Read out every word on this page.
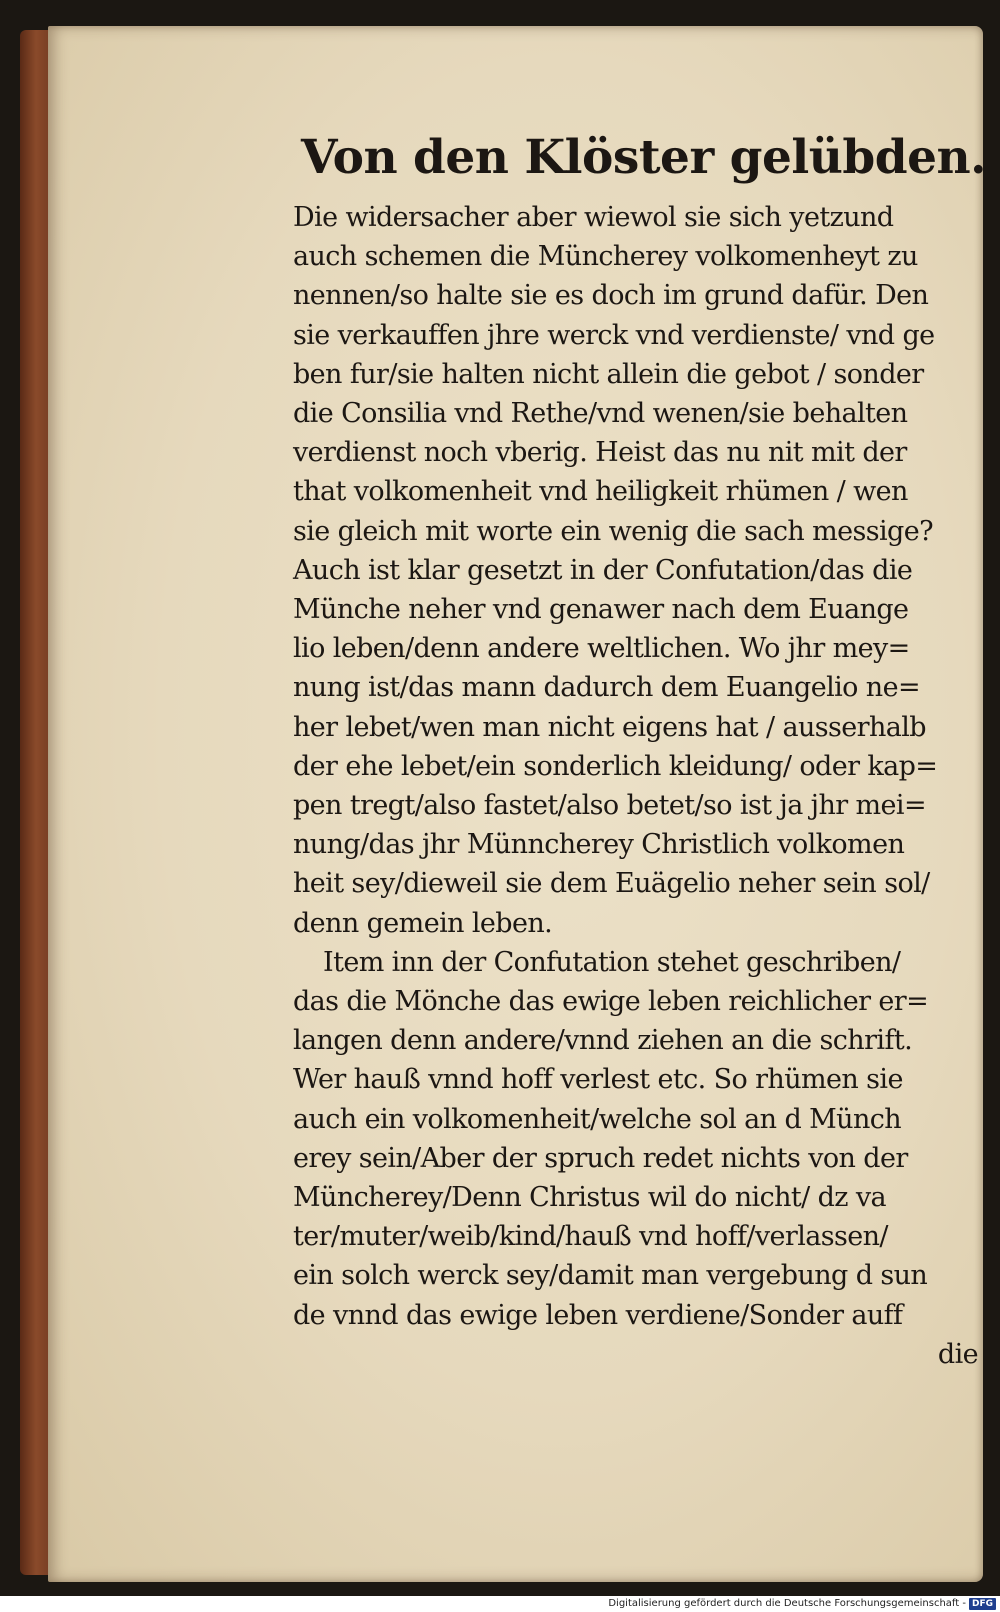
Von den Klöster gelübden.
Die widersacher aber wiewol sie sich yetzund
auch schemen die Müncherey volkomenheyt zu
nennen/so halte sie es doch im grund dafür. Den
sie verkauffen jhre werck vnd verdienste/ vnd ge
ben fur/sie halten nicht allein die gebot / sonder
die Consilia vnd Rethe/vnd wenen/sie behalten
verdienst noch vberig. Heist das nu nit mit der
that volkomenheit vnd heiligkeit rhümen / wen
sie gleich mit worte ein wenig die sach messige?
Auch ist klar gesetzt in der Confutation/das die
Münche neher vnd genawer nach dem Euange
lio leben/denn andere weltlichen. Wo jhr mey=
nung ist/das mann dadurch dem Euangelio ne=
her lebet/wen man nicht eigens hat / ausserhalb
der ehe lebet/ein sonderlich kleidung/ oder kap=
pen tregt/also fastet/also betet/so ist ja jhr mei=
nung/das jhr Münncherey Christlich volkomen
heit sey/dieweil sie dem Euägelio neher sein sol/
denn gemein leben.
Item inn der Confutation stehet geschriben/
das die Mönche das ewige leben reichlicher er=
langen denn andere/vnnd ziehen an die schrift.
Wer hauß vnnd hoff verlest etc. So rhümen sie
auch ein volkomenheit/welche sol an d Münch
erey sein/Aber der spruch redet nichts von der
Müncherey/Denn Christus wil do nicht/ dz va
ter/muter/weib/kind/hauß vnd hoff/verlassen/
ein solch werck sey/damit man vergebung d sun
de vnnd das ewige leben verdiene/Sonder auff
die
Digitalisierung gefördert durch die Deutsche Forschungsgemeinschaft - DFG
